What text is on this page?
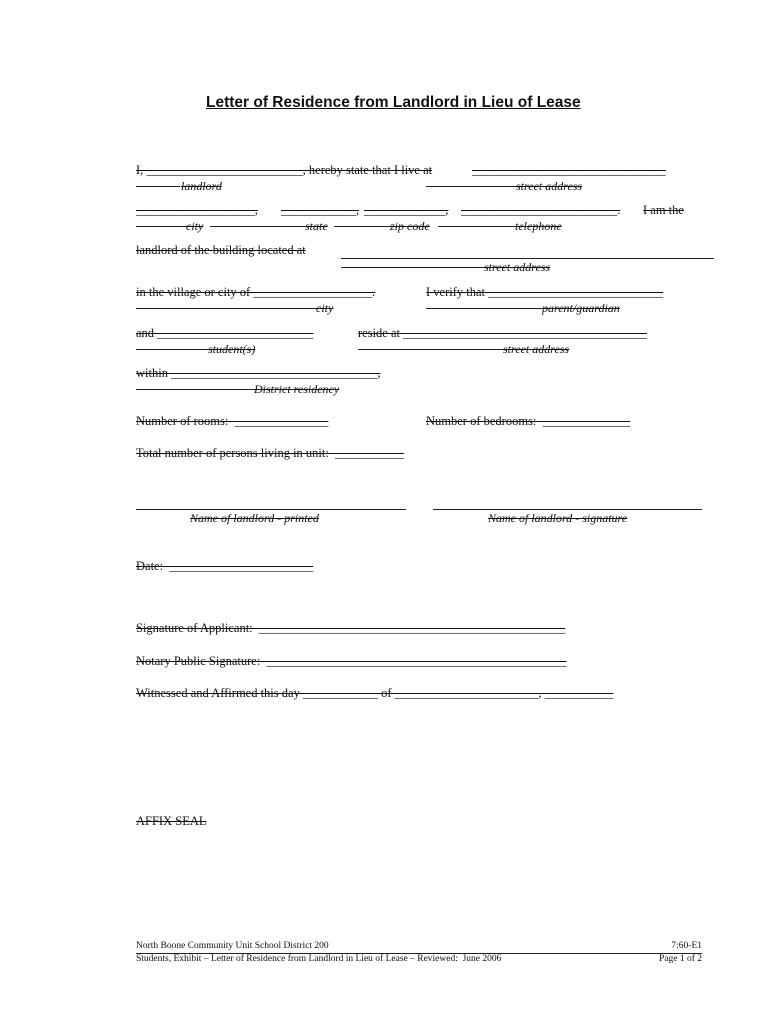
Letter of Residence from Landlord in Lieu of Lease
I, _________________________, hereby state that I live at	_______________________________
landlord	street address
___________________, ____________, _____________, _________________________. I am the
city	state	zip code	telephone
landlord of the building located at
street address
in the village or city of ___________________.	I verify that ____________________________
city	parent/guardian
and _________________________	reside at _______________________________________
student(s)	street address
within _________________________________,
District residency
Number of rooms:  _______________	Number of bedrooms:  ______________
Total number of persons living in unit:  ___________
Name of landlord - printed	Name of landlord - signature
Date:  _______________________
Signature of Applicant:  _________________________________________________
Notary Public Signature:  ________________________________________________
Witnessed and Affirmed this day ____________ of _______________________, ___________
AFFIX SEAL
North Boone Community Unit School District 200
Students, Exhibit – Letter of Residence from Landlord in Lieu of Lease – Reviewed:  June 2006
7:60-E1
Page 1 of 2
